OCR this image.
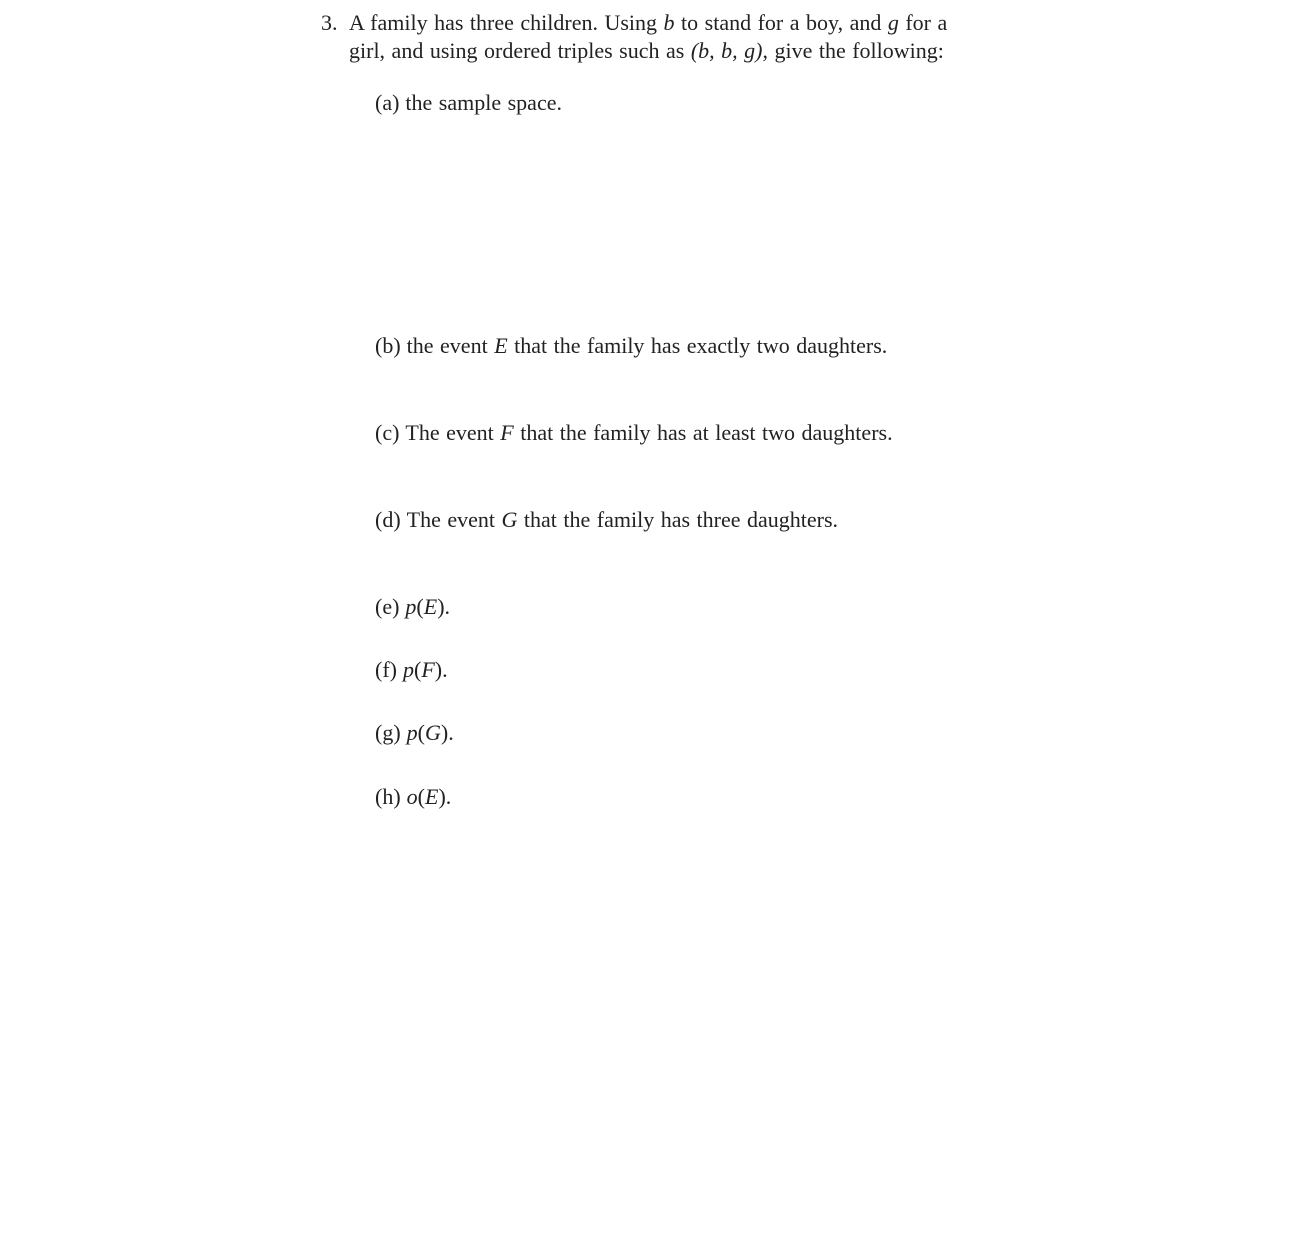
3. A family has three children. Using b to stand for a boy, and g for a
girl, and using ordered triples such as (b, b, g), give the following:
(a) the sample space.
(b) the event E that the family has exactly two daughters.
(c) The event F that the family has at least two daughters.
(d) The event G that the family has three daughters.
(e) p(E).
(f) p(F).
(g) p(G).
(h) o(E).
